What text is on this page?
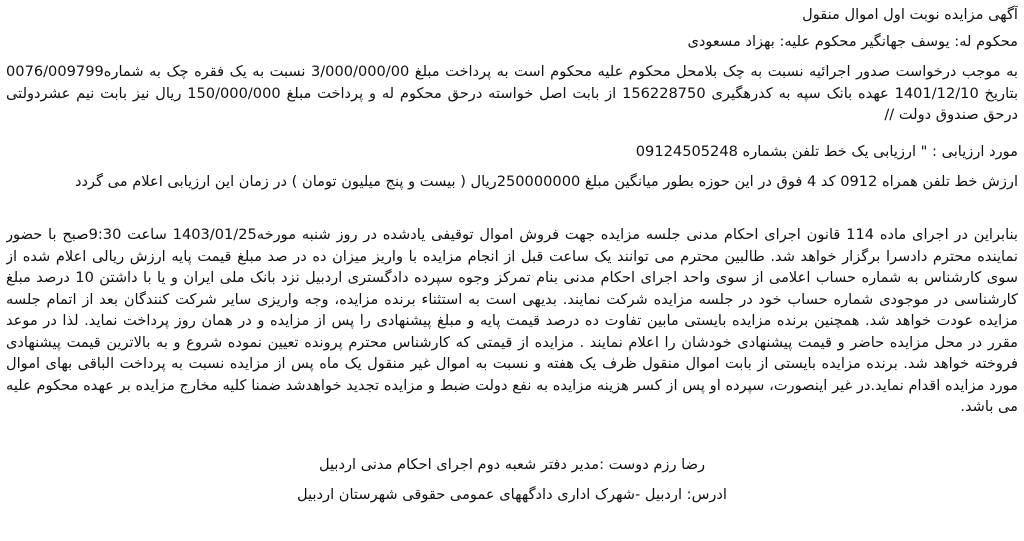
آگهی مزایده نوبت اول اموال منقول
محکوم له: یوسف جهانگیر محکوم علیه: بهزاد مسعودی

به موجب درخواست صدور اجرائیه نسبت به چک بلامحل محکوم علیه محکوم است به پرداخت مبلغ 3/000/000/00 نسبت به یک فقره چک به شماره0076/009799 بتاریخ 1401/12/10 عهده بانک سپه به کدرهگیری 156228750 از بابت اصل خواسته درحق محکوم له و پرداخت مبلغ 150/000/000 ریال نیز بابت نیم عشردولتی درحق صندوق دولت //

مورد ارزیابی : " ارزیابی یک خط تلفن بشماره 09124505248

ارزش خط تلفن همراه 0912 کد 4 فوق در این حوزه بطور میانگین مبلغ 250000000ریال ( بیست و پنج میلیون تومان ) در زمان این ارزیابی اعلام می گردد

بنابراین در اجرای ماده 114 قانون اجرای احکام مدنی جلسه مزایده جهت فروش اموال توقیفی یادشده در روز شنبه مورخه1403/01/25 ساعت 9:30صبح با حضور نماینده محترم دادسرا برگزار خواهد شد. طالبین محترم می توانند یک ساعت قبل از انجام مزایده با واریز میزان ده در صد مبلغ قیمت پایه ارزش ریالی اعلام شده از سوی کارشناس به شماره حساب اعلامی از سوی واحد اجرای احکام مدنی بنام تمرکز وجوه سپرده دادگستری اردبیل نزد بانک ملی ایران و یا با داشتن 10 درصد مبلغ کارشناسی در موجودی شماره حساب خود در جلسه مزایده شرکت نمایند. بدیهی است به استثناء برنده مزایده، وجه واریزی سایر شرکت کنندگان بعد از اتمام جلسه مزایده عودت خواهد شد. همچنین برنده مزایده بایستی مابین تفاوت ده درصد قیمت پایه و مبلغ پیشنهادی را پس از مزایده و در همان روز پرداخت نماید. لذا در موعد مقرر در محل مزایده حاضر و قیمت پیشنهادی خودشان را اعلام نمایند . مزایده از قیمتی که کارشناس محترم پرونده تعیین نموده شروع و به بالاترین قیمت پیشنهادی فروخته خواهد شد. برنده مزایده بایستی از بابت اموال منقول ظرف یک هفته و نسبت به اموال غیر منقول یک ماه پس از مزایده نسبت به پرداخت الباقی بهای اموال مورد مزایده اقدام نماید.در غیر اینصورت، سپرده او پس از کسر هزینه مزایده به نفع دولت ضبط و مزایده تجدید خواهدشد ضمنا کلیه مخارج مزایده بر عهده محکوم علیه می باشد.

رضا رزم دوست :مدیر دفتر شعبه دوم اجرای احکام مدنی اردبیل
ادرس: اردبیل -شهرک اداری دادگههای عمومی حقوقی شهرستان اردبیل
